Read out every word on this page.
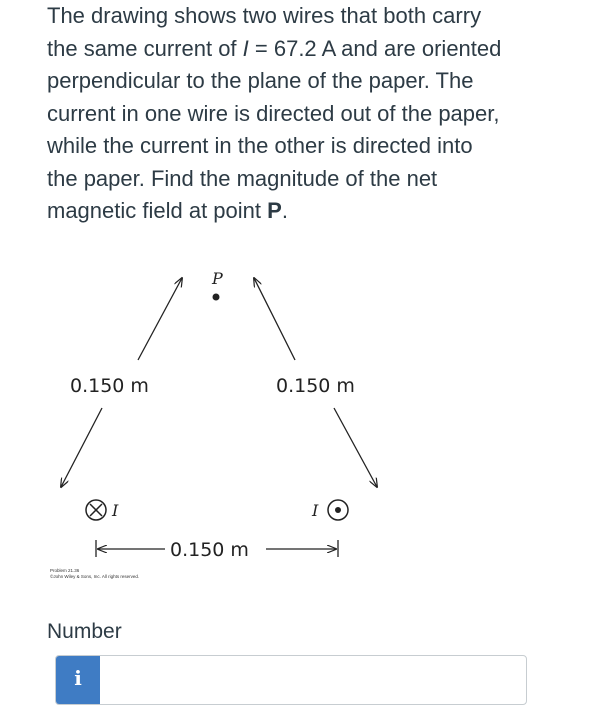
The drawing shows two wires that both carry
the same current of I = 67.2 A and are oriented
perpendicular to the plane of the paper. The
current in one wire is directed out of the paper,
while the current in the other is directed into
the paper. Find the magnitude of the net
magnetic field at point P.

0.150 m	0.150 m
P
I	I
0.150 m
Problem 21.36
©John Wiley & Sons, Inc. All rights reserved.
Number
i
